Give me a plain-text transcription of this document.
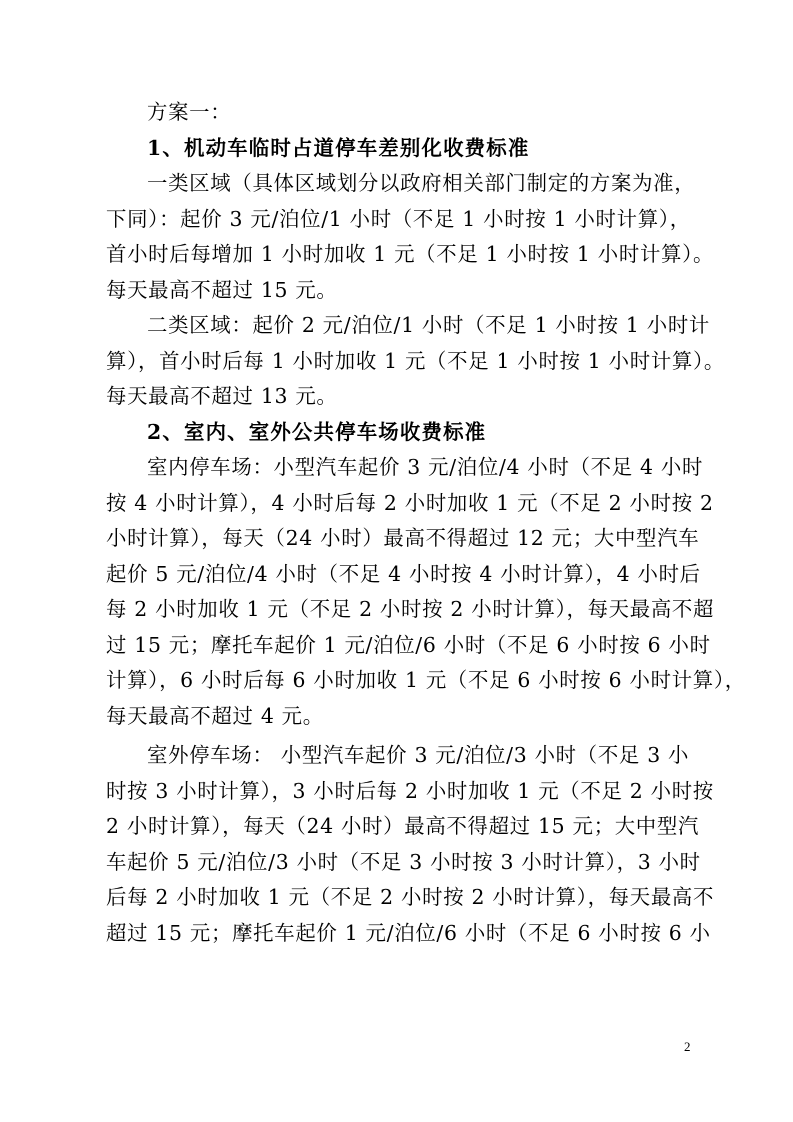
方案一：
1、机动车临时占道停车差别化收费标准
一类区域（具体区域划分以政府相关部门制定的方案为准，
下同）：起价 3 元/泊位/1 小时（不足 1 小时按 1 小时计算），
首小时后每增加 1 小时加收 1 元（不足 1 小时按 1 小时计算）。
每天最高不超过 15 元。
二类区域：起价 2 元/泊位/1 小时（不足 1 小时按 1 小时计
算），首小时后每 1 小时加收 1 元（不足 1 小时按 1 小时计算）。
每天最高不超过 13 元。
2、室内、室外公共停车场收费标准
室内停车场：小型汽车起价 3 元/泊位/4 小时（不足 4 小时
按 4 小时计算），4 小时后每 2 小时加收 1 元（不足 2 小时按 2
小时计算），每天（24 小时）最高不得超过 12 元；大中型汽车
起价 5 元/泊位/4 小时（不足 4 小时按 4 小时计算），4 小时后
每 2 小时加收 1 元（不足 2 小时按 2 小时计算），每天最高不超
过 15 元；摩托车起价 1 元/泊位/6 小时（不足 6 小时按 6 小时
计算），6 小时后每 6 小时加收 1 元（不足 6 小时按 6 小时计算），
每天最高不超过 4 元。
室外停车场： 小型汽车起价 3 元/泊位/3 小时（不足 3 小
时按 3 小时计算），3 小时后每 2 小时加收 1 元（不足 2 小时按
2 小时计算），每天（24 小时）最高不得超过 15 元；大中型汽
车起价 5 元/泊位/3 小时（不足 3 小时按 3 小时计算），3 小时
后每 2 小时加收 1 元（不足 2 小时按 2 小时计算），每天最高不
超过 15 元；摩托车起价 1 元/泊位/6 小时（不足 6 小时按 6 小
2
